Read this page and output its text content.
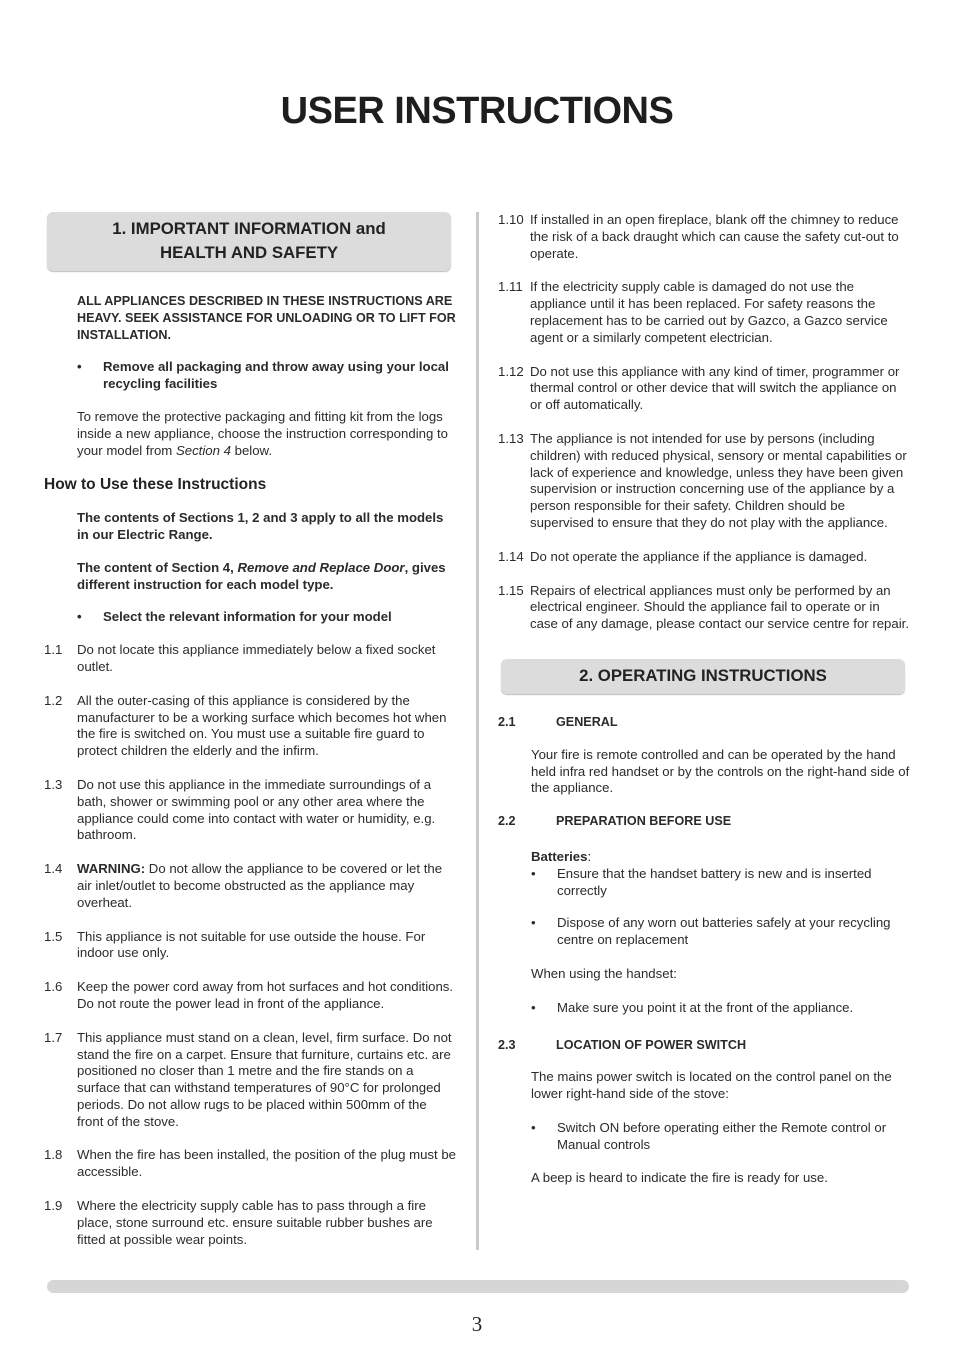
USER INSTRUCTIONS
1. IMPORTANT INFORMATION and
HEALTH AND SAFETY

ALL APPLIANCES DESCRIBED IN THESE INSTRUCTIONS ARE HEAVY. SEEK ASSISTANCE FOR UNLOADING OR TO LIFT FOR INSTALLATION.

•	Remove all packaging and throw away using your local recycling facilities

To remove the protective packaging and fitting kit from the logs inside a new appliance, choose the instruction corresponding to your model from Section 4 below.

How to Use these Instructions

The contents of Sections 1, 2 and 3 apply to all the models in our Electric Range.

The content of Section 4, Remove and Replace Door, gives different instruction for each model type.

•	Select the relevant information for your model
1.1	Do not locate this appliance immediately below a fixed socket outlet.
1.2	All the outer-casing of this appliance is considered by the manufacturer to be a working surface which becomes hot when the fire is switched on. You must use a suitable fire guard to protect children the elderly and the infirm.
1.3	Do not use this appliance in the immediate surroundings of a bath, shower or swimming pool or any other area where the appliance could come into contact with water or humidity, e.g. bathroom.
1.4	WARNING: Do not allow the appliance to be covered or let the air inlet/outlet to become obstructed as the appliance may overheat.
1.5	This appliance is not suitable for use outside the house. For indoor use only.
1.6	Keep the power cord away from hot surfaces and hot conditions. Do not route the power lead in front of the appliance.
1.7	This appliance must stand on a clean, level, firm surface. Do not stand the fire on a carpet. Ensure that furniture, curtains etc. are positioned no closer than 1 metre and the fire stands on a surface that can withstand temperatures of 90°C for prolonged periods. Do not allow rugs to be placed within 500mm of the front of the stove.
1.8	When the fire has been installed, the position of the plug must be accessible.
1.9	Where the electricity supply cable has to pass through a fire place, stone surround etc. ensure suitable rubber bushes are fitted at possible wear points.
1.10 If installed in an open fireplace, blank off the chimney to reduce the risk of a back draught which can cause the safety cut-out to operate.
1.11 If the electricity supply cable is damaged do not use the appliance until it has been replaced. For safety reasons the replacement has to be carried out by Gazco, a Gazco service agent or a similarly competent electrician.
1.12 Do not use this appliance with any kind of timer, programmer or thermal control or other device that will switch the appliance on or off automatically.
1.13 The appliance is not intended for use by persons (including children) with reduced physical, sensory or mental capabilities or lack of experience and knowledge, unless they have been given supervision or instruction concerning use of the appliance by a person responsible for their safety. Children should be supervised to ensure that they do not play with the appliance.
1.14 Do not operate the appliance if the appliance is damaged.
1.15 Repairs of electrical appliances must only be performed by an electrical engineer. Should the appliance fail to operate or in case of any damage, please contact our service centre for repair.
2. OPERATING INSTRUCTIONS
2.1	GENERAL

Your fire is remote controlled and can be operated by the hand held infra red handset or by the controls on the right-hand side of the appliance.

2.2	PREPARATION BEFORE USE

Batteries:

•	Ensure that the handset battery is new and is inserted correctly
•	Dispose of any worn out batteries safely at your recycling centre on replacement

When using the handset:

•	Make sure you point it at the front of the appliance.
2.3	LOCATION OF POWER SWITCH

The mains power switch is located on the control panel on the lower right-hand side of the stove:

•	Switch ON before operating either the Remote control or Manual controls

A beep is heard to indicate the fire is ready for use.

3
